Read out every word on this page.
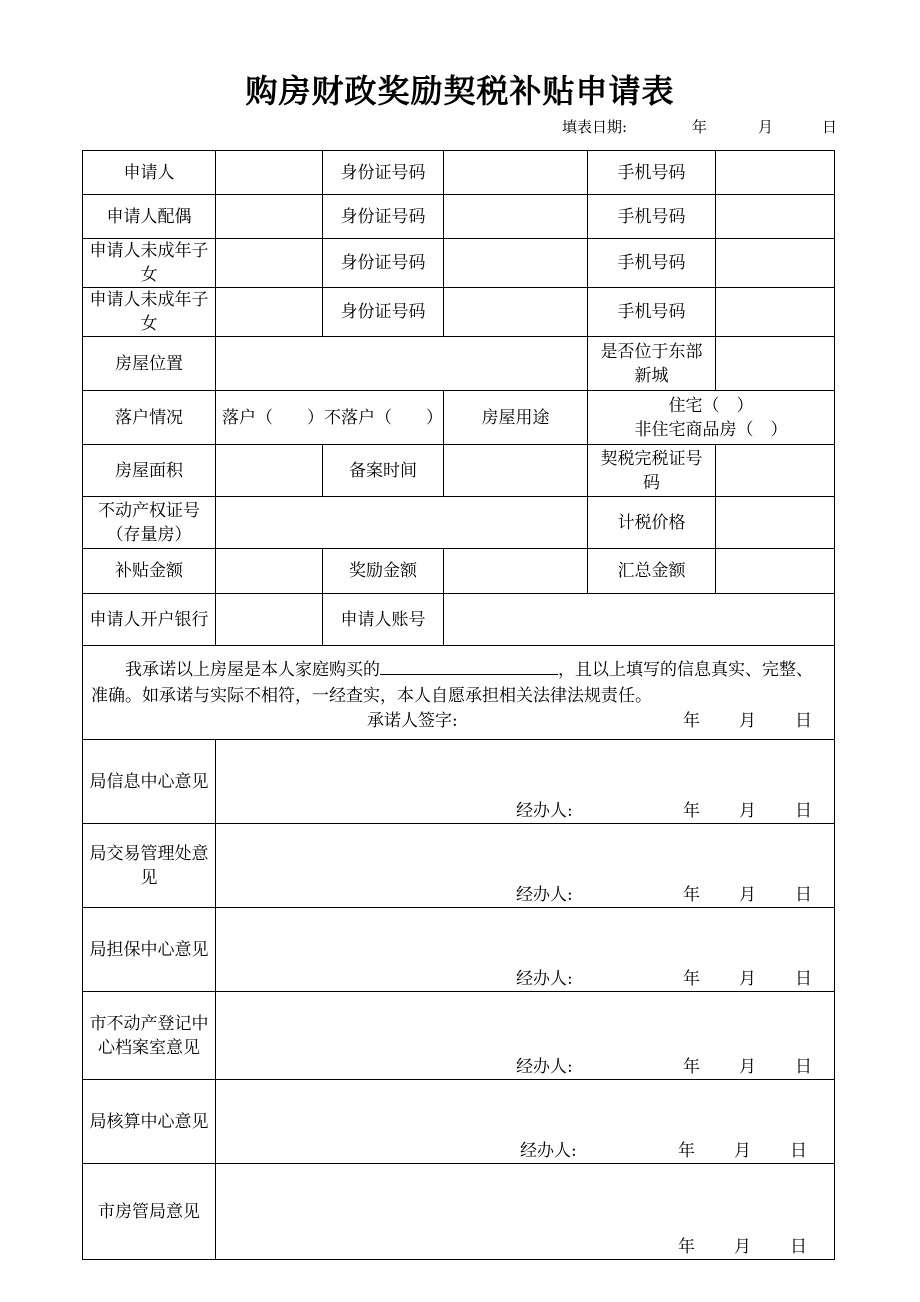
购房财政奖励契税补贴申请表
填表日期:	年	月	日
申请人		身份证号码		手机号码	
申请人配偶		身份证号码		手机号码	
申请人未成年子女		身份证号码		手机号码	
申请人未成年子女		身份证号码		手机号码	
房屋位置				是否位于东部新城	
落户情况	落户（　　）不落户（　　）		房屋用途	住宅（　）
非住宅商品房（　）	

房屋面积		备案时间		契税完税证号码	
不动产权证号（存量房）				计税价格	
补贴金额		奖励金额		汇总金额	
申请人开户银行		申请人账号			

我承诺以上房屋是本人家庭购买的 ，且以上填写的信息真实、完整、准确。如承诺与实际不相符，一经查实，本人自愿承担相关法律法规责任。

承诺人签字: 年 月 日					

局信息中心意见	经办人: 年 月 日				

局交易管理处意见	经办人: 年 月 日				

局担保中心意见	经办人: 年 月 日				

市不动产登记中心档案室意见	经办人: 年 月 日				

局核算中心意见	经办人: 年 月 日				

市房管局意见	年 月 日				
